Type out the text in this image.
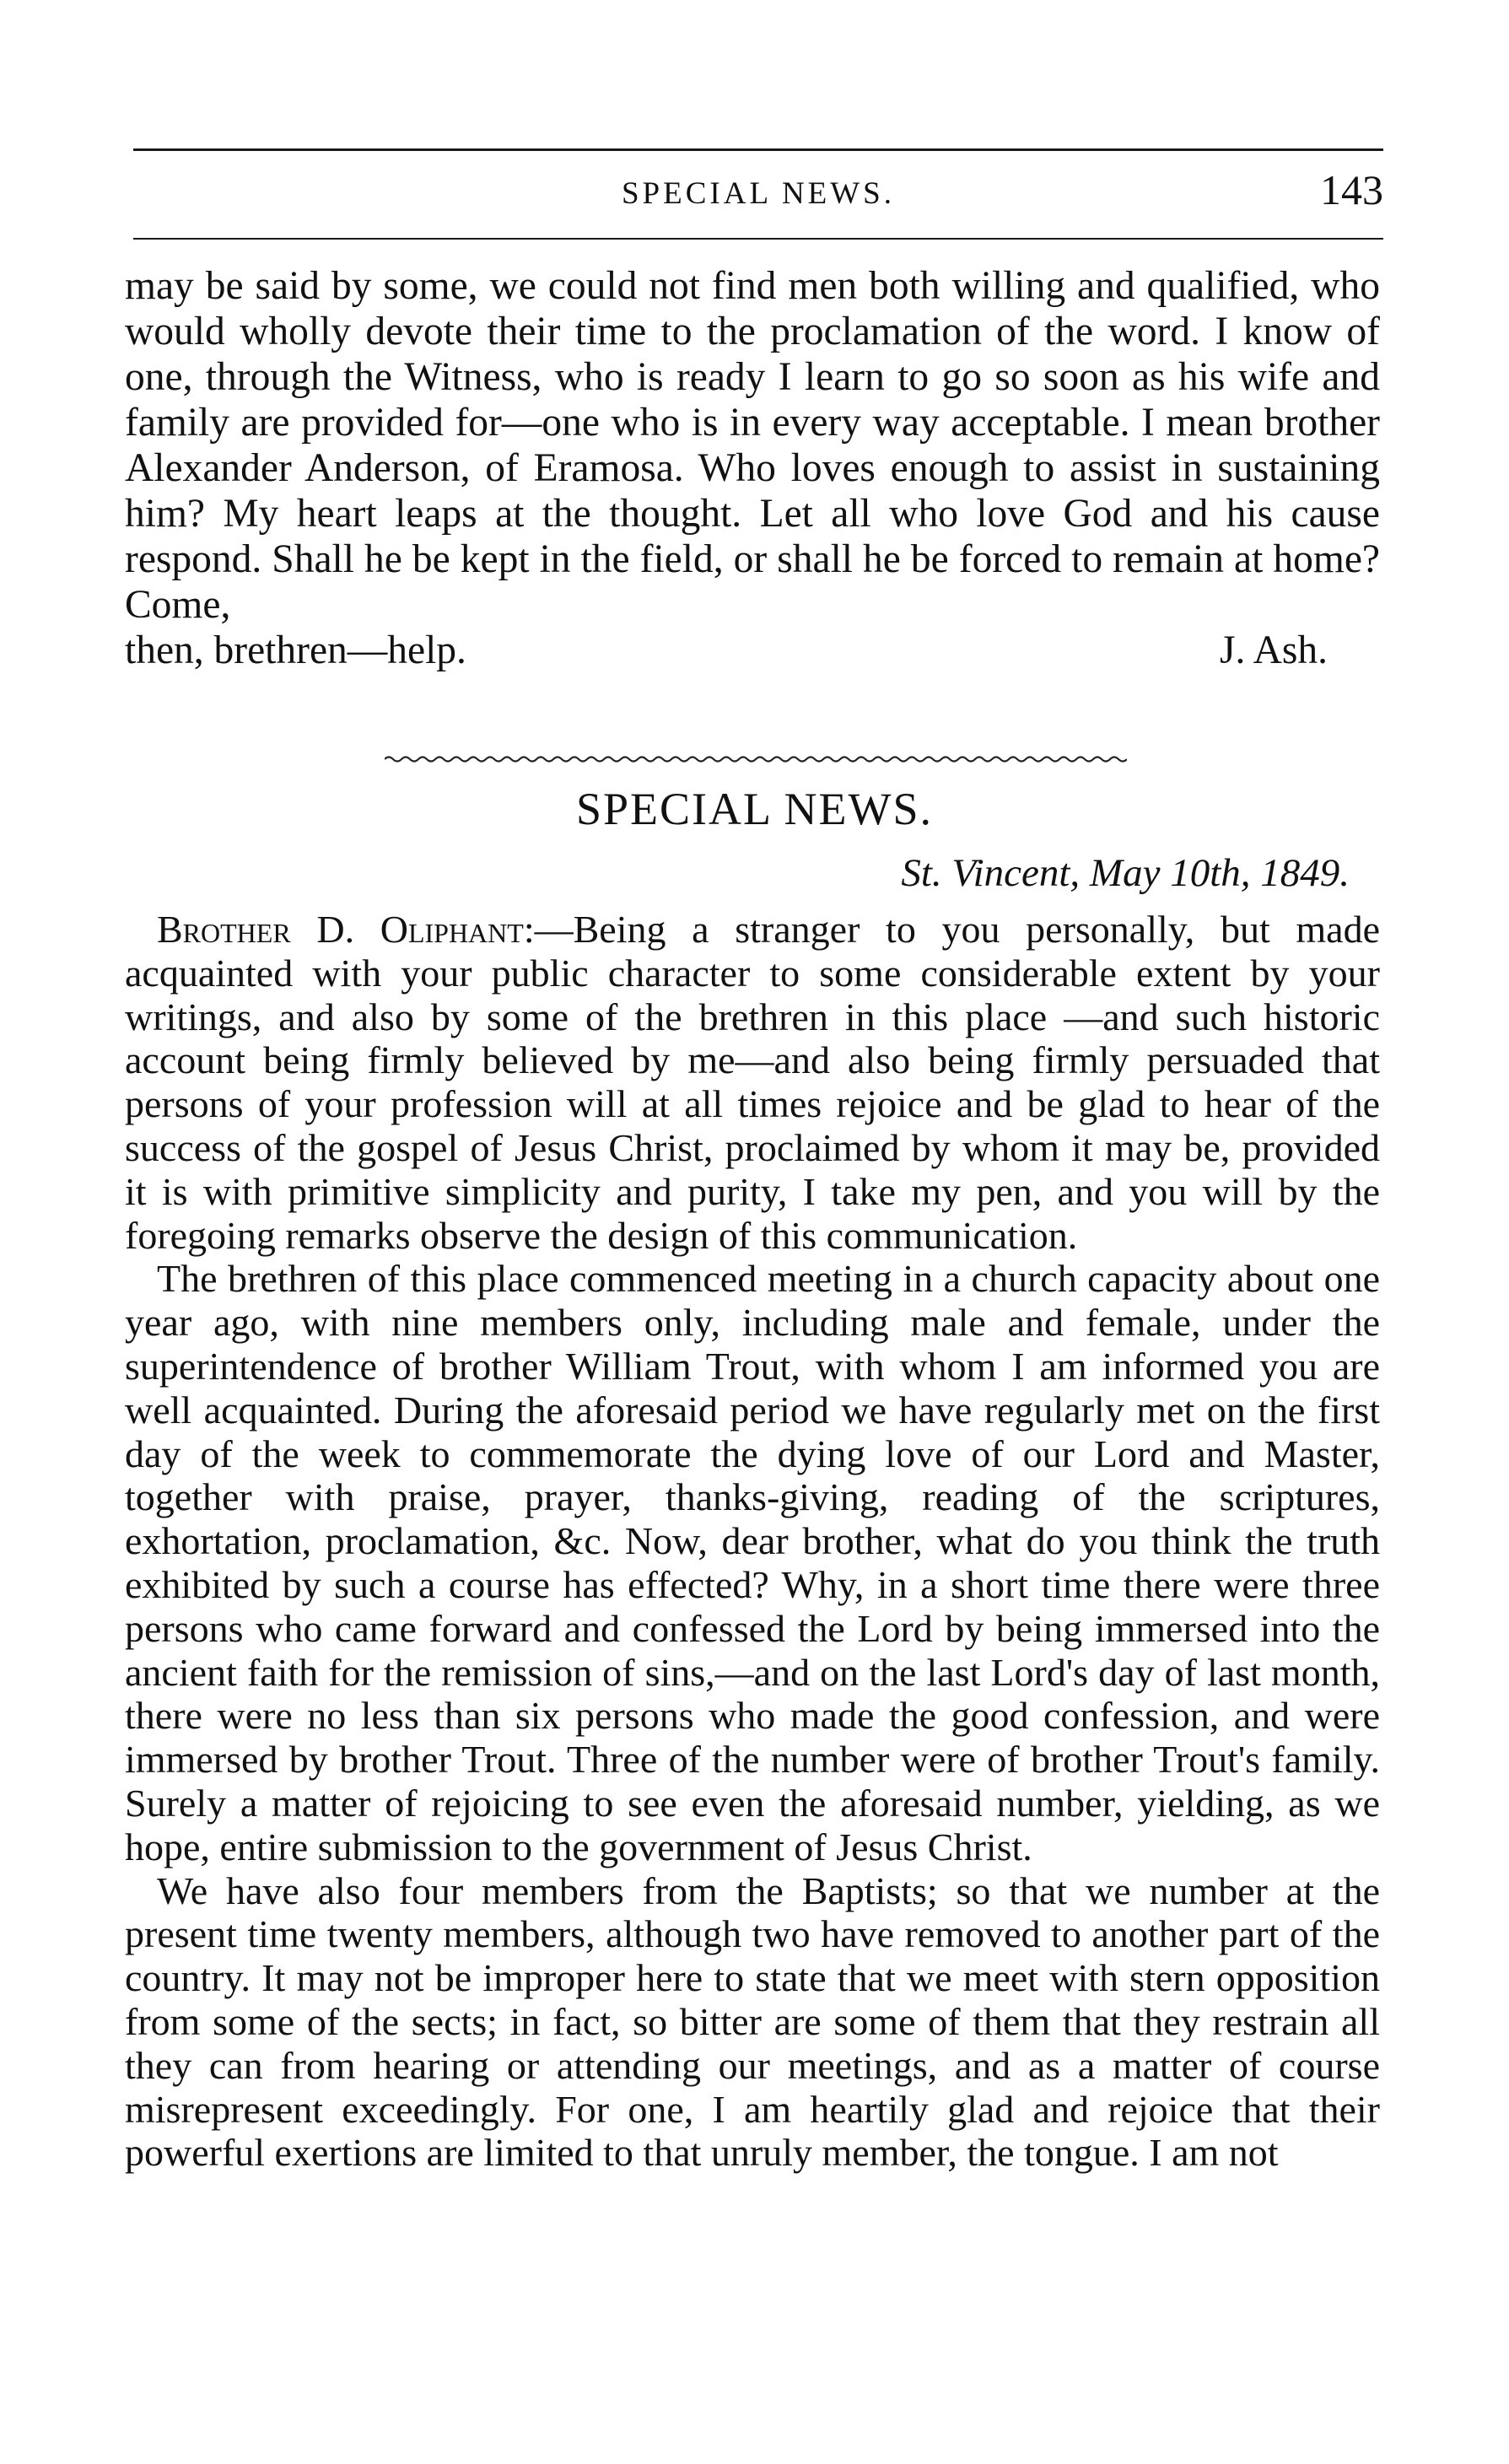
SPECIAL NEWS.	143

may be said by some, we could not find men both willing and qualified, who would wholly devote their time to the proclamation of the word. I know of one, through the Witness, who is ready I learn to go so soon as his wife and family are provided for—one who is in every way acceptable. I mean brother Alexander Anderson, of Eramosa. Who loves enough to assist in sustaining him? My heart leaps at the thought. Let all who love God and his cause respond. Shall he be kept in the field, or shall he be forced to remain at home? Come,

then, brethren—help.	J. Ash.
SPECIAL NEWS.
St. Vincent, May 10th, 1849.

Brother D. Oliphant:—Being a stranger to you personally, but made acquainted with your public character to some considerable extent by your writings, and also by some of the brethren in this place —and such historic account being firmly believed by me—and also being firmly persuaded that persons of your profession will at all times rejoice and be glad to hear of the success of the gospel of Jesus Christ, proclaimed by whom it may be, provided it is with primitive simplicity and purity, I take my pen, and you will by the foregoing remarks observe the design of this communication.

The brethren of this place commenced meeting in a church capacity about one year ago, with nine members only, including male and female, under the superintendence of brother William Trout, with whom I am informed you are well acquainted. During the aforesaid period we have regularly met on the first day of the week to commemorate the dying love of our Lord and Master, together with praise, prayer, thanks-giving, reading of the scriptures, exhortation, proclamation, &c. Now, dear brother, what do you think the truth exhibited by such a course has effected? Why, in a short time there were three persons who came forward and confessed the Lord by being immersed into the ancient faith for the remission of sins,—and on the last Lord's day of last month, there were no less than six persons who made the good confession, and were immersed by brother Trout. Three of the number were of brother Trout's family. Surely a matter of rejoicing to see even the aforesaid number, yielding, as we hope, entire submission to the government of Jesus Christ.

We have also four members from the Baptists; so that we number at the present time twenty members, although two have removed to another part of the country. It may not be improper here to state that we meet with stern opposition from some of the sects; in fact, so bitter are some of them that they restrain all they can from hearing or attending our meetings, and as a matter of course misrepresent exceedingly. For one, I am heartily glad and rejoice that their powerful exertions are limited to that unruly member, the tongue. I am not
